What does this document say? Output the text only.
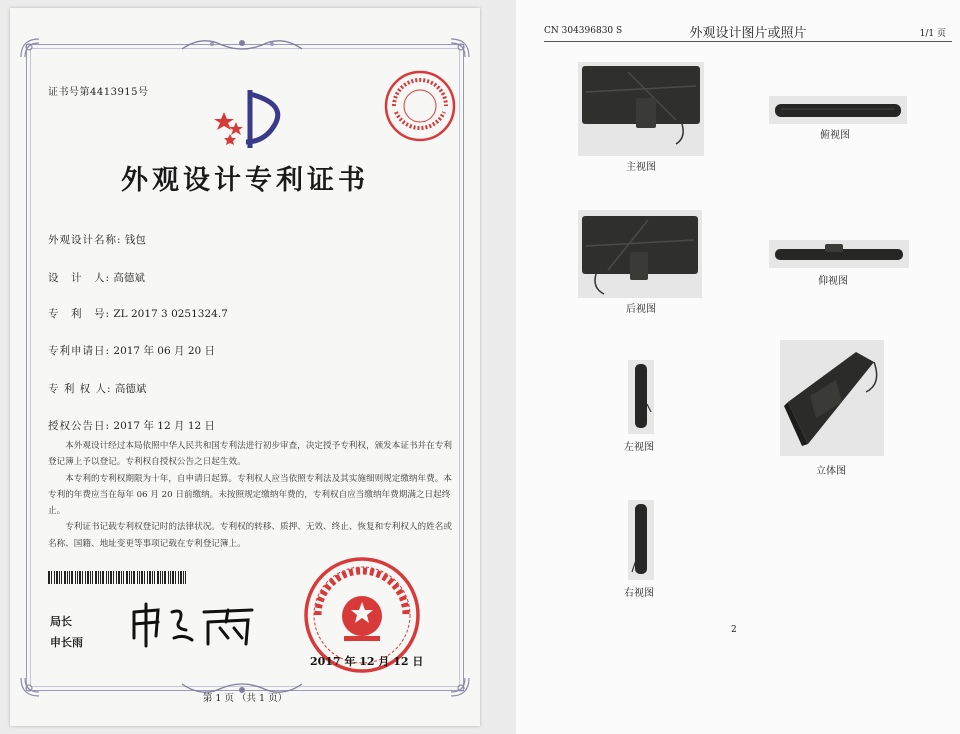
证书号第4413915号
外观设计专利证书
外观设计名称: 钱包
设　计　人: 高德斌
专　利　号: ZL 2017 3 0251324.7
专利申请日: 2017 年 06 月 20 日
专 利 权 人: 高德斌
授权公告日: 2017 年 12 月 12 日

本外观设计经过本局依照中华人民共和国专利法进行初步审查，决定授予专利权，颁发本证书并在专利登记簿上予以登记。专利权自授权公告之日起生效。

本专利的专利权期限为十年，自申请日起算。专利权人应当依照专利法及其实施细则规定缴纳年费。本专利的年费应当在每年 06 月 20 日前缴纳。未按照规定缴纳年费的，专利权自应当缴纳年费期满之日起终止。

专利证书记载专利权登记时的法律状况。专利权的转移、质押、无效、终止、恢复和专利权人的姓名或名称、国籍、地址变更等事项记载在专利登记簿上。

局长
申长雨
2017 年 12 月 12 日
第 1 页 （共 1 页）
CN 304396830 S	外观设计图片或照片	1/1 页
主视图
俯视图
后视图
仰视图
左视图
立体图
右视图
2
